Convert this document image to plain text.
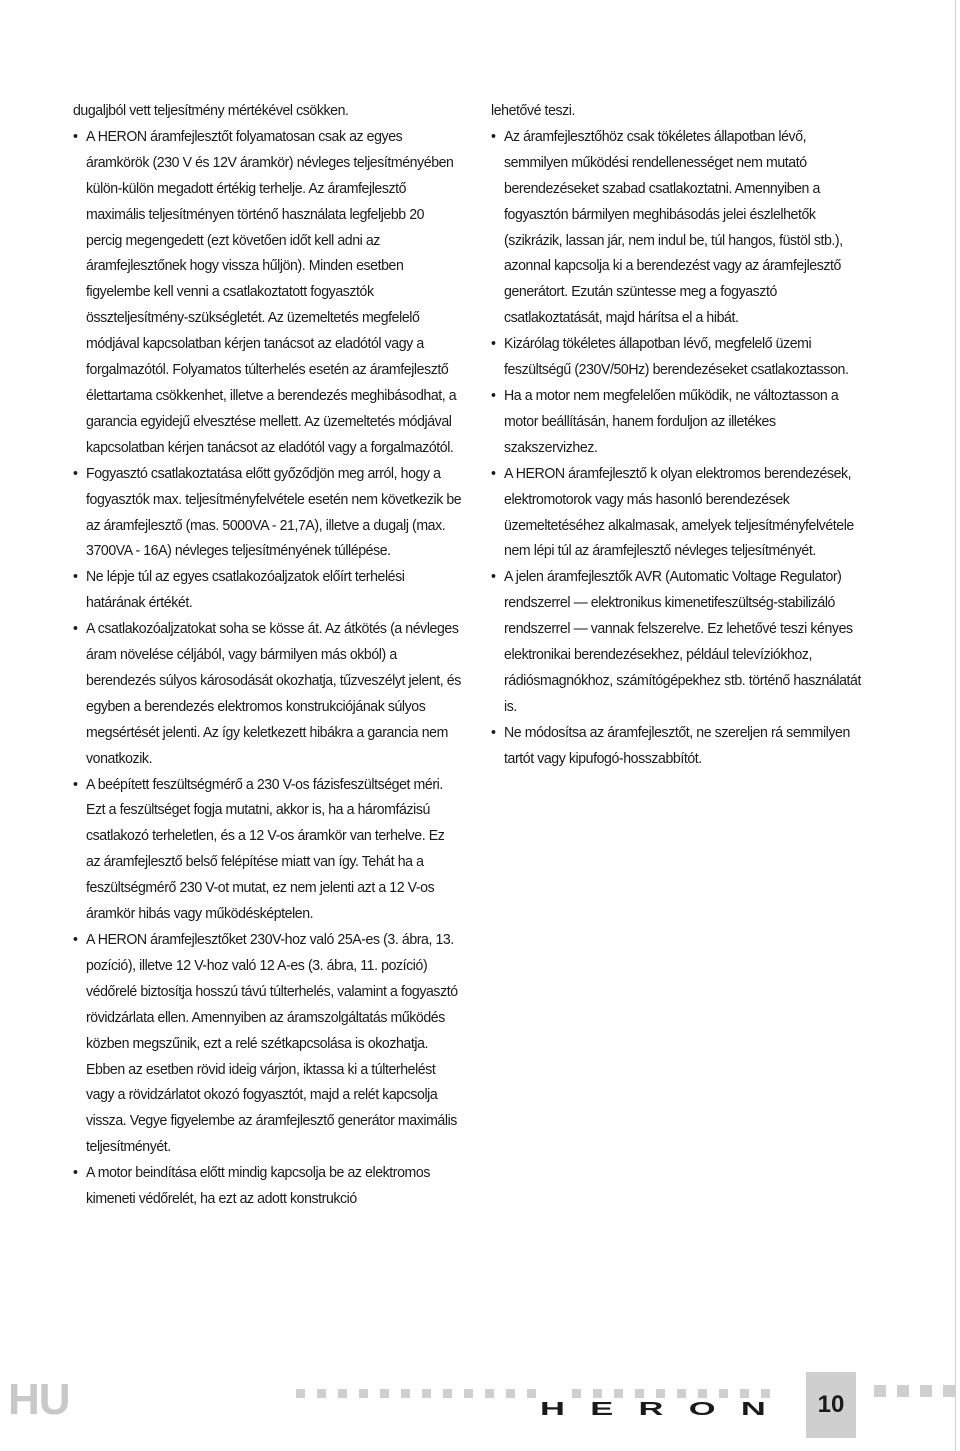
dugaljból vett teljesítmény mértékével csökken.

• A HERON áramfejlesztőt folyamatosan csak az egyes áramkörök (230 V és 12V áramkör) névleges teljesítményében külön-külön megadott értékig terhelje. Az áramfejlesztő maximális teljesítményen történő használata legfeljebb 20 percig megengedett (ezt követően időt kell adni az áramfejlesztőnek hogy vissza hűljön). Minden esetben figyelembe kell venni a csatlakoztatott fogyasztók összteljesítmény-szükségletét. Az üzemeltetés megfelelő módjával kapcsolatban kérjen tanácsot az eladótól vagy a forgalmazótól. Folyamatos túlterhelés esetén az áramfejlesztő élettartama csökkenhet, illetve a berendezés meghibásodhat, a garancia egyidejű elvesztése mellett. Az üzemeltetés módjával kapcsolatban kérjen tanácsot az eladótól vagy a forgalmazótól.
• Fogyasztó csatlakoztatása előtt győződjön meg arról, hogy a fogyasztók max. teljesítményfelvétele esetén nem következik be az áramfejlesztő (mas. 5000VA - 21,7A), illetve a dugalj (max. 3700VA - 16A) névleges teljesítményének túllépése.
• Ne lépje túl az egyes csatlakozóaljzatok előírt terhelési határának értékét.
• A csatlakozóaljzatokat soha se kösse át. Az átkötés (a névleges áram növelése céljából, vagy bármilyen más okból) a berendezés súlyos károsodását okozhatja, tűzveszélyt jelent, és egyben a berendezés elektromos konstrukciójának súlyos megsértését jelenti. Az így keletkezett hibákra a garancia nem vonatkozik.
• A beépített feszültségmérő a 230 V-os fázisfeszültséget méri. Ezt a feszültséget fogja mutatni, akkor is, ha a háromfázisú csatlakozó terheletlen, és a 12 V-os áramkör van terhelve. Ez az áramfejlesztő belső felépítése miatt van így. Tehát ha a feszültségmérő 230 V-ot mutat, ez nem jelenti azt a 12 V-os áramkör hibás vagy működésképtelen.
• A HERON áramfejlesztőket 230V-hoz való 25A-es (3. ábra, 13. pozíció), illetve 12 V-hoz való 12 A-es (3. ábra, 11. pozíció) védőrelé biztosítja hosszú távú túlterhelés, valamint a fogyasztó rövidzárlata ellen. Amennyiben az áramszolgáltatás működés közben megszűnik, ezt a relé szétkapcsolása is okozhatja. Ebben az esetben rövid ideig várjon, iktassa ki a túlterhelést vagy a rövidzárlatot okozó fogyasztót, majd a relét kapcsolja vissza. Vegye figyelembe az áramfejlesztő generátor maximális teljesítményét.
• A motor beindítása előtt mindig kapcsolja be az elektromos kimeneti védőrelét, ha ezt az adott konstrukció

lehetővé teszi.

• Az áramfejlesztőhöz csak tökéletes állapotban lévő, semmilyen működési rendellenességet nem mutató berendezéseket szabad csatlakoztatni. Amennyiben a fogyasztón bármilyen meghibásodás jelei észlelhetők (szikrázik, lassan jár, nem indul be, túl hangos, füstöl stb.), azonnal kapcsolja ki a berendezést vagy az áramfejlesztő generátort. Ezután szüntesse meg a fogyasztó csatlakoztatását, majd hárítsa el a hibát.
• Kizárólag tökéletes állapotban lévő, megfelelő üzemi feszültségű (230V/50Hz) berendezéseket csatlakoztasson.
• Ha a motor nem megfelelően működik, ne változtasson a motor beállításán, hanem forduljon az illetékes szakszervizhez.
• A HERON áramfejlesztő k olyan elektromos berendezések, elektromotorok vagy más hasonló berendezések üzemeltetéséhez alkalmasak, amelyek teljesítményfelvétele nem lépi túl az áramfejlesztő névleges teljesítményét.
• A jelen áramfejlesztők AVR (Automatic Voltage Regulator) rendszerrel — elektronikus kimenetifeszültség-stabilizáló rendszerrel — vannak felszerelve. Ez lehetővé teszi kényes elektronikai berendezésekhez, például televíziókhoz, rádiósmagnókhoz, számítógépekhez stb. történő használatát is.
• Ne módosítsa az áramfejlesztőt, ne szereljen rá semmilyen tartót vagy kipufogó-hosszabbítót.
HU	HERON 10
